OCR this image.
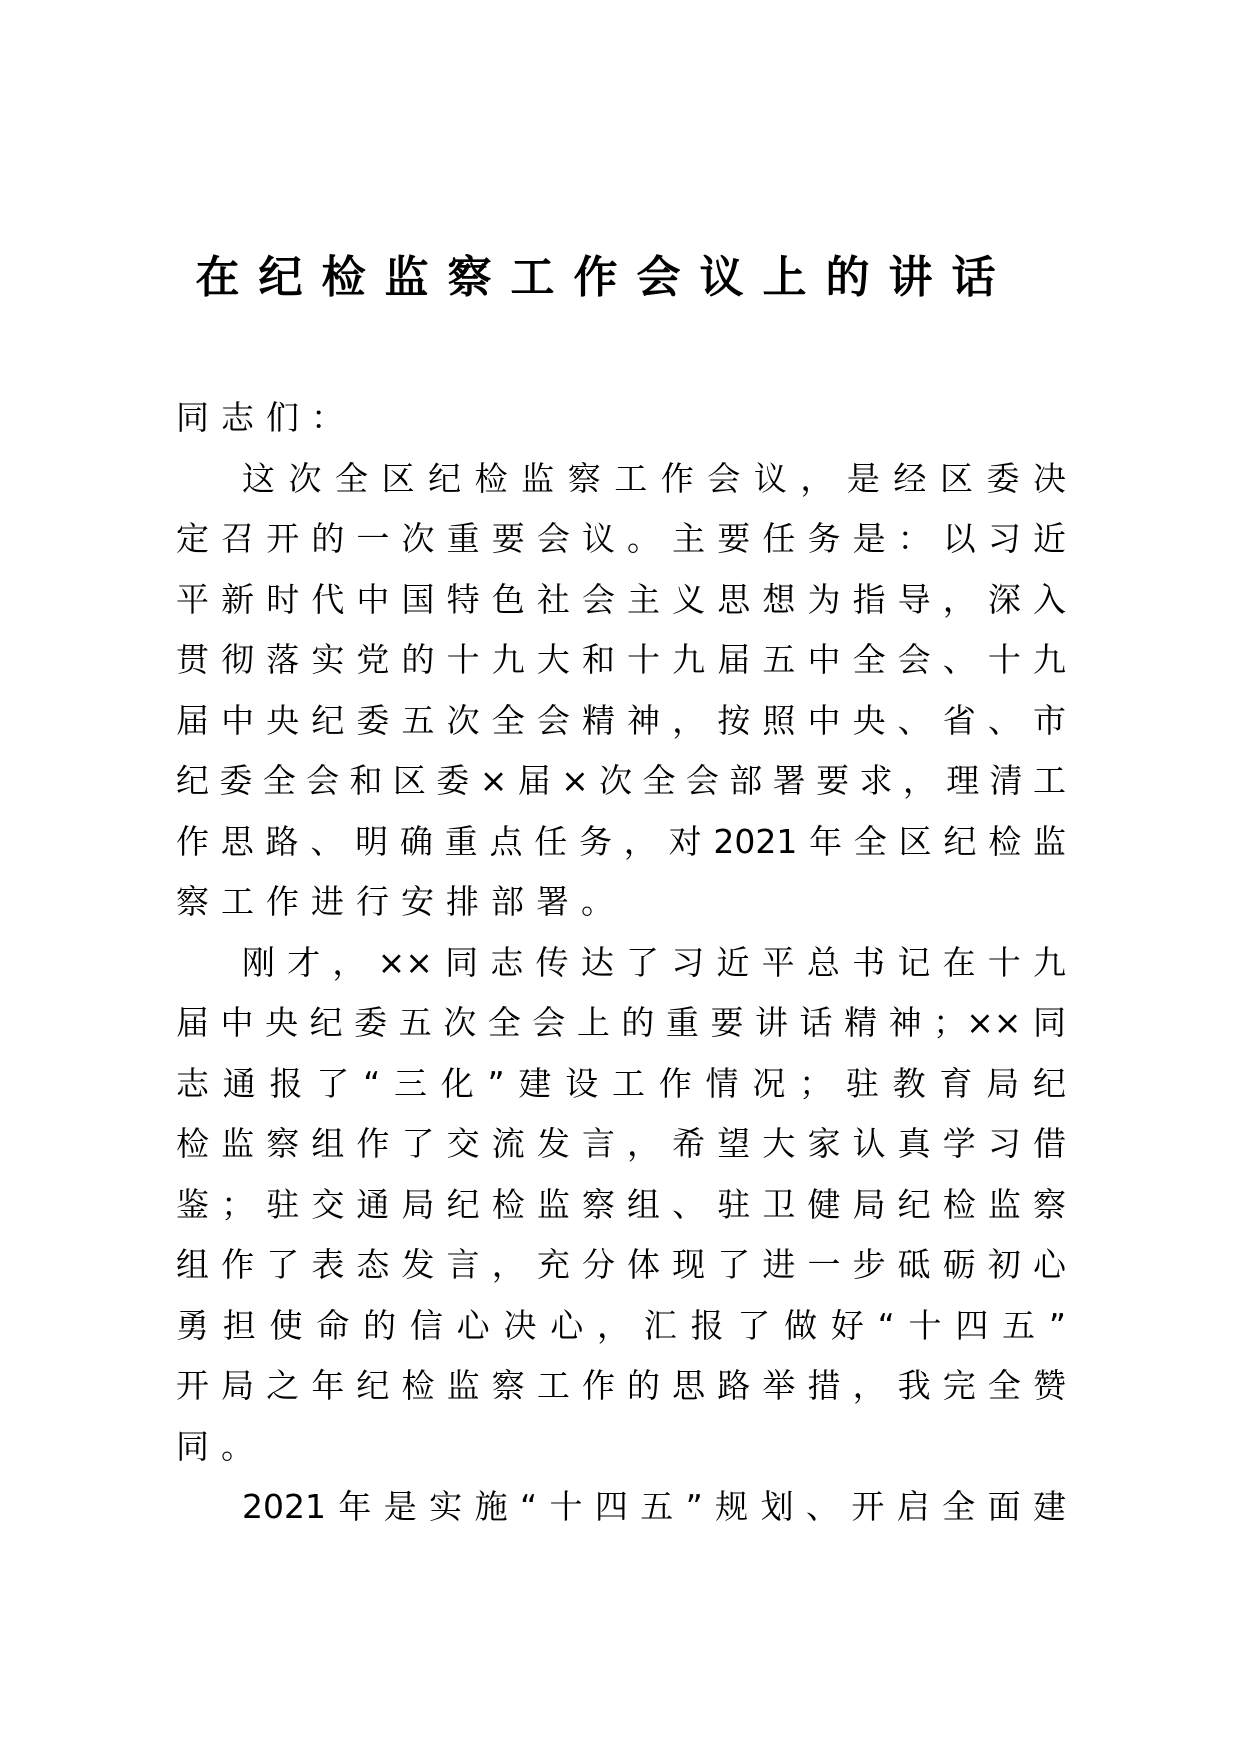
在纪检监察工作会议上的讲话
同志们：
这次全区纪检监察工作会议，是经区委决
定召开的一次重要会议。主要任务是：以习近
平新时代中国特色社会主义思想为指导，深入
贯彻落实党的十九大和十九届五中全会、十九
届中央纪委五次全会精神，按照中央、省、市
纪委全会和区委×届×次全会部署要求，理清工
作思路、明确重点任务，对2021年全区纪检监
察工作进行安排部署。
刚才，××同志传达了习近平总书记在十九
届中央纪委五次全会上的重要讲话精神；××同
志通报了“三化”建设工作情况；驻教育局纪
检监察组作了交流发言，希望大家认真学习借
鉴；驻交通局纪检监察组、驻卫健局纪检监察
组作了表态发言，充分体现了进一步砥砺初心
勇担使命的信心决心，汇报了做好“十四五”
开局之年纪检监察工作的思路举措，我完全赞
同。
2021年是实施“十四五”规划、开启全面建
